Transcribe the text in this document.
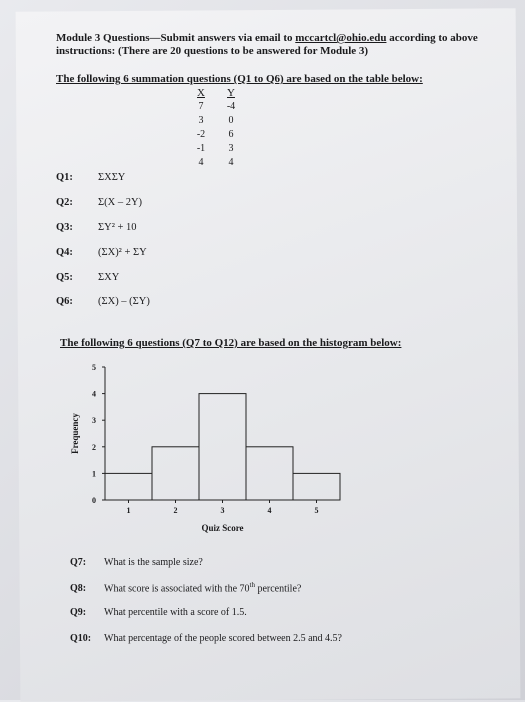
Module 3 Questions—Submit answers via email to mccartcl@ohio.edu according to above
instructions: (There are 20 questions to be answered for Module 3)
The following 6 summation questions (Q1 to Q6) are based on the table below:
X	Y
7	-4
3	0
-2	6
-1	3
4	4
Q1: ΣXΣY
Q2: Σ(X – 2Y)
Q3: ΣY² + 10
Q4: (ΣX)² + ΣY
Q5: ΣXY
Q6: (ΣX) – (ΣY)
The following 6 questions (Q7 to Q12) are based on the histogram below:
0
1
2
3
4
5
1	2	3	4	5
Quiz Score
Frequency
Q7: What is the sample size?
Q8: What score is associated with the 70th percentile?
Q9: What percentile with a score of 1.5.
Q10: What percentage of the people scored between 2.5 and 4.5?
